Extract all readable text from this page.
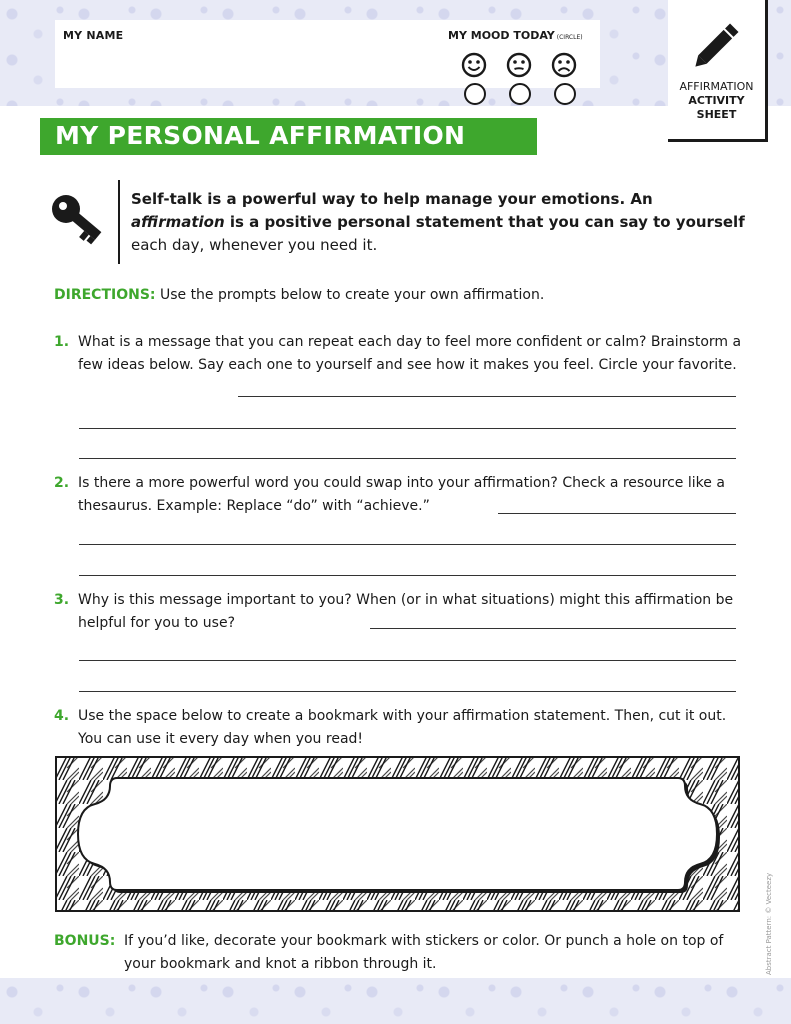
MY NAME	MY MOOD TODAY (CIRCLE)
AFFIRMATION
ACTIVITY
SHEET
MY PERSONAL AFFIRMATION
Self-talk is a powerful way to help manage your emotions. An affirmation is a positive personal statement that you can say to yourself each day, whenever you need it.
DIRECTIONS: Use the prompts below to create your own affirmation.
1. What is a message that you can repeat each day to feel more confident or calm? Brainstorm a few ideas below. Say each one to yourself and see how it makes you feel. Circle your favorite.
2. Is there a more powerful word you could swap into your affirmation? Check a resource like a thesaurus. Example: Replace “do” with “achieve.”
3. Why is this message important to you? When (or in what situations) might this affirmation be helpful for you to use?
4. Use the space below to create a bookmark with your affirmation statement. Then, cut it out. You can use it every day when you read!
BONUS: If you’d like, decorate your bookmark with stickers or color. Or punch a hole on top of your bookmark and knot a ribbon through it.	Abstract Pattern: © Vecteezy
